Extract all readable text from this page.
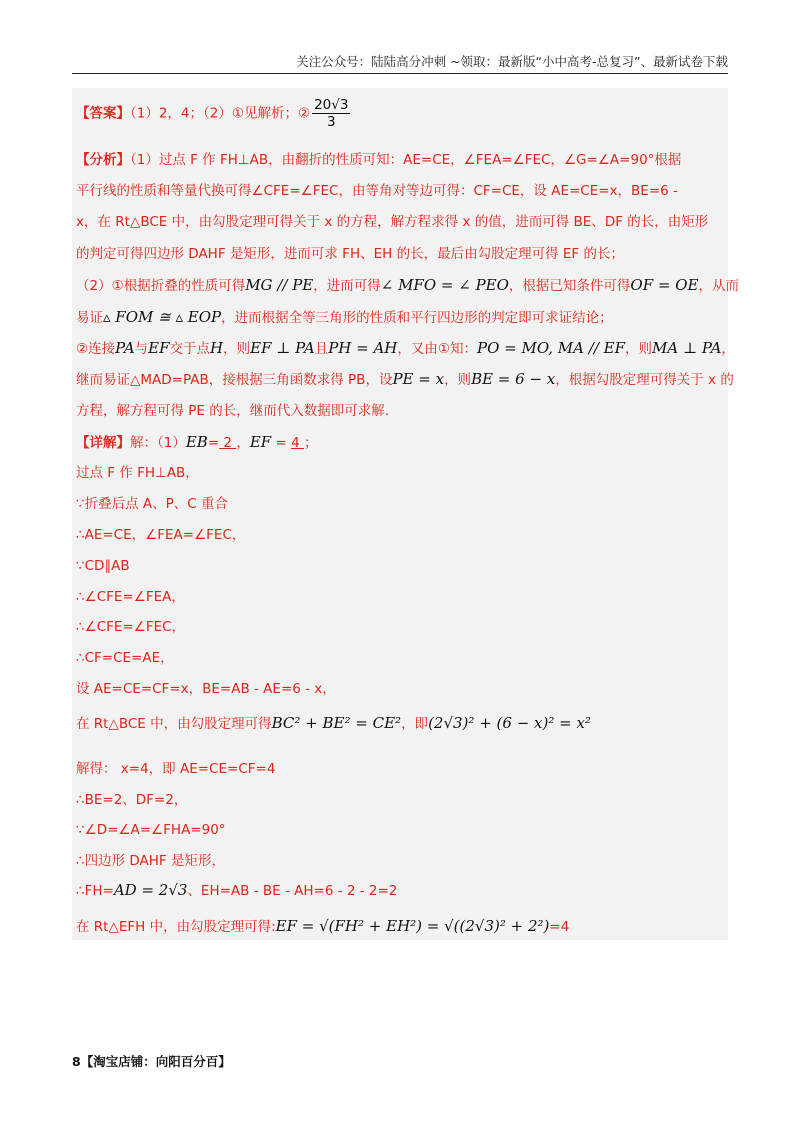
关注公众号：陆陆高分冲刺 ~领取：最新版“小中高考-总复习”、最新试卷下载
【答案】（1）2，4；（2）①见解析；② $\frac{20√3}{3}$
【分析】（1）过点 F 作 FH⊥AB，由翻折的性质可知：AE=CE，∠FEA=∠FEC，∠G=∠A=90°根据
平行线的性质和等量代换可得∠CFE=∠FEC，由等角对等边可得：CF=CE，设 AE=CE=x，BE=6 -
x，在 Rt△BCE 中，由勾股定理可得关于 x 的方程，解方程求得 x 的值，进而可得 BE、DF 的长，由矩形
的判定可得四边形 DAHF 是矩形，进而可求 FH、EH 的长，最后由勾股定理可得 EF 的长；
（2）①根据折叠的性质可得MG // PE，进而可得∠ MFO = ∠ PEO，根据已知条件可得OF = OE，从而
易证▵ FOM ≅ ▵ EOP，进而根据全等三角形的性质和平行四边形的判定即可求证结论；
②连接PA与EF交于点H，则EF ⊥ PA且PH = AH，又由①知：PO = MO, MA // EF，则MA ⊥ PA，
继而易证△MAD=PAB，接根据三角函数求得 PB，设PE = x，则BE = 6 − x，根据勾股定理可得关于 x 的
方程，解方程可得 PE 的长，继而代入数据即可求解.
【详解】解：（1）EB= 2 ，EF = 4 ；
过点 F 作 FH⊥AB，
∵折叠后点 A、P、C 重合
∴AE=CE，∠FEA=∠FEC，
∵CD∥AB
∴∠CFE=∠FEA，
∴∠CFE=∠FEC，
∴CF=CE=AE，
设 AE=CE=CF=x，BE=AB - AE=6 - x，
在 Rt△BCE 中，由勾股定理可得BC² + BE² = CE²，即(2√3)² + (6 − x)² = x²
解得： x=4，即 AE=CE=CF=4
∴BE=2、DF=2，
∵∠D=∠A=∠FHA=90°
∴四边形 DAHF 是矩形，
∴FH=AD = 2√3、EH=AB - BE - AH=6 - 2 - 2=2
在 Rt△EFH 中，由勾股定理可得:EF = √(FH² + EH²) = √((2√3)² + 2²)=4
8【淘宝店铺：向阳百分百】
